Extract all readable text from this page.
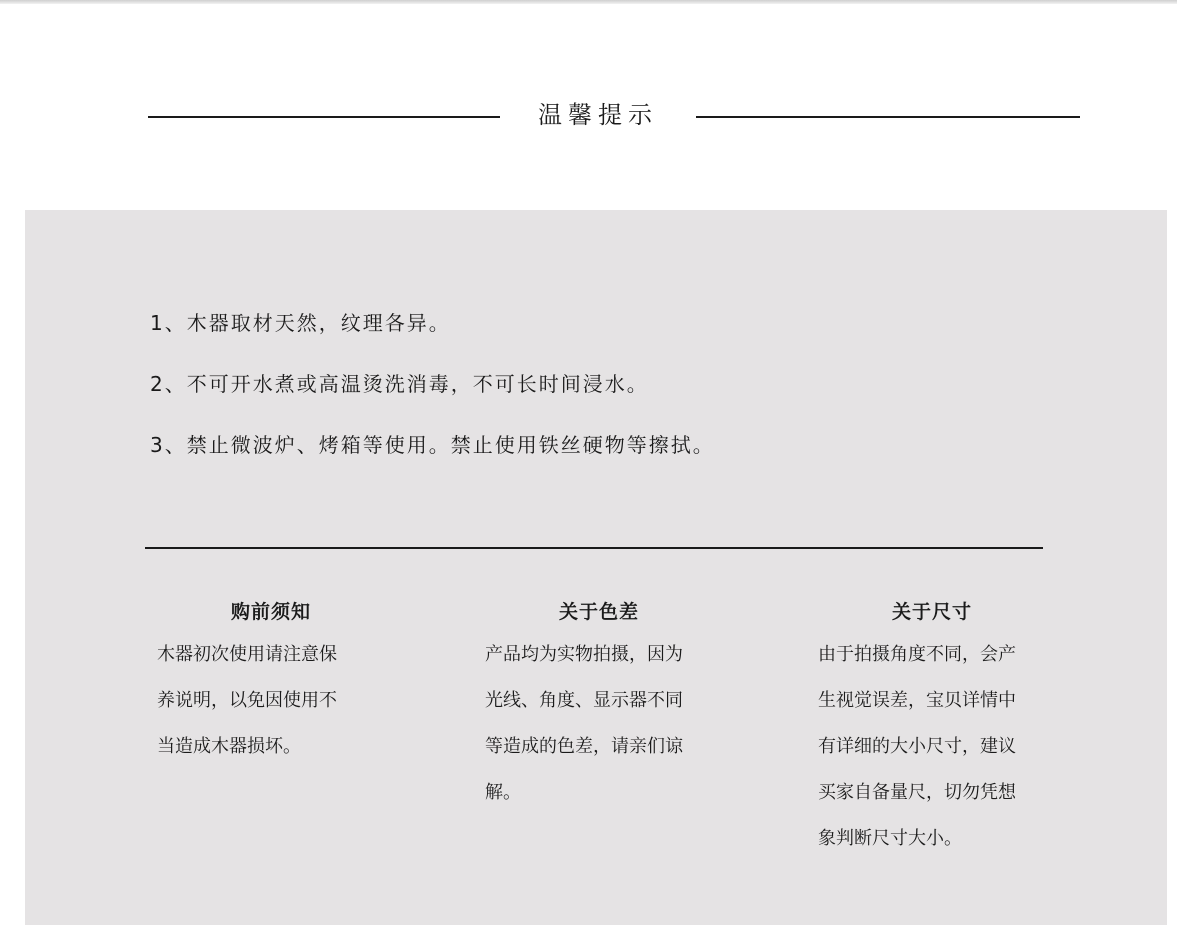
温馨提示
1、木器取材天然，纹理各异。
2、不可开水煮或高温烫洗消毒，不可长时间浸水。
3、禁止微波炉、烤箱等使用。禁止使用铁丝硬物等擦拭。
购前须知
木器初次使用请注意保
养说明，以免因使用不
当造成木器损坏。
关于色差
产品均为实物拍摄，因为
光线、角度、显示器不同
等造成的色差，请亲们谅
解。
关于尺寸
由于拍摄角度不同，会产
生视觉误差，宝贝详情中
有详细的大小尺寸，建议
买家自备量尺，切勿凭想
象判断尺寸大小。
